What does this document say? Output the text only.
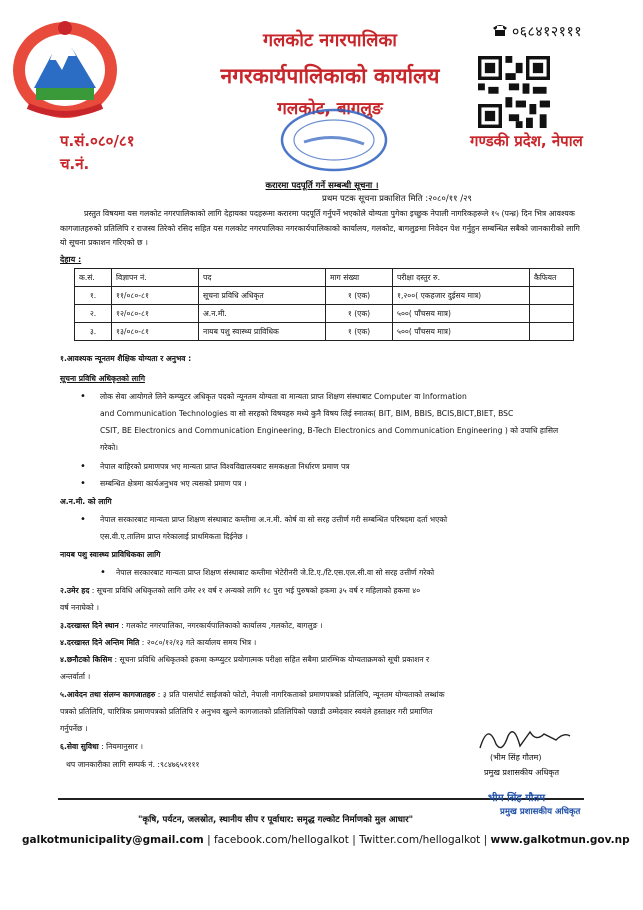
०६८४१२१११
गलकोट नगरपालिका
नगरकार्यपालिकाको कार्यालय
गलकोट, बागलुङ
प.सं.०८०/८१
च.नं.
गण्डकी प्रदेश, नेपाल
करारमा पदपूर्ति गर्ने सम्बन्धी सूचना ।
प्रथम पटक सूचना प्रकाशित मिति :२०८०/११ /२९
प्रस्तुत विषयमा यस गलकोट नगरपालिकाको लागि देहायका पदहरूमा करारमा पदपूर्ति गर्नुपर्ने भएकोले योग्यता पुगेका इच्छुक नेपाली नागरिकहरूले १५ (पन्ध्र) दिन भित्र आवश्यक कागजातहरुको प्रतिलिपि र राजस्व तिरेको रसिद सहित यस गलकोट नगरपालिका नगरकार्यपालिकाको कार्यालय, गलकोट, बागलुङमा निवेदन पेश गर्नुहुन सम्बन्धित सबैको जानकारीको लागि यो सूचना प्रकाशन गरिएको छ ।
देहाय :
क.सं.	विज्ञापन नं.	पद	माग संख्या	परीक्षा दस्तुर रु.	कैफियत
१.	११/०८०-८१	सूचना प्रविधि अधिकृत	१ (एक)	१,२००( एकहजार दुईसय मात्र)	
२.	१२/०८०-८१	अ.न.मी.	१ (एक)	५००( पाँचसय मात्र)	
३.	१३/०८०-८१	नायब पशु स्वास्थ्य प्राविधिक	१ (एक)	५००( पाँचसय मात्र)	
१.आवश्यक न्यूनतम शैक्षिक योग्यता र अनुभव :
सूचना प्रविधि अधिकृतको लागि
• लोक सेवा आयोगले लिने कम्प्युटर अधिकृत पदको न्यूनतम योग्यता वा मान्यता प्राप्त शिक्षण संस्थाबाट Computer वा Information
and Communication Technologies वा सो सरहको विषयहरु मध्ये कुनै विषय लिई स्नातक( BIT, BIM, BBIS, BCIS,BICT,BIET, BSC
CSIT, BE Electronics and Communication Engineering, B-Tech Electronics and Communication Engineering ) को उपाधि हासिल
गरेको।
• नेपाल बाहिरको प्रमाणपत्र भए मान्यता प्राप्त विश्वविद्यालयबाट समकक्षता निर्धारण प्रमाण पत्र
• सम्बन्धित क्षेत्रमा कार्यअनुभव भए त्यसको प्रमाण पत्र ।
अ.न.मी. को लागि
• नेपाल सरकारबाट मान्यता प्राप्त शिक्षण संस्थाबाट कम्तीमा अ.न.मी. कोर्ष वा सो सरह उत्तीर्ण गरी सम्बन्धित परिषदमा दर्ता भएको
एस.वी.ए.तालिम प्राप्त गरेकालाई प्राथमिकता दिईनेछ ।
नायब पशु स्वास्थ्य प्राविधिकका लागि
• नेपाल सरकारबाट मान्यता प्राप्त शिक्षण संस्थाबाट कम्तीमा भेटेरीनरी जे.टि.ए./टि.एस.एल.सी.वा सो सरह उत्तीर्ण गरेको
२.उमेर हद : सूचना प्रविधि अधिकृतको लागि उमेर २१ वर्ष र अन्यको लागि १८ पुरा भई पुरुषको हकमा ३५ वर्ष र महिलाको हकमा ४०
वर्ष ननाघेको ।
३.दरखास्त दिने स्थान : गलकोट नगरपालिका, नगरकार्यपालिकाको कार्यालय ,गलकोट, बागलुङ ।
४.दरखास्त दिने अन्तिम मिति : २०८०/१२/१३ गते कार्यालय समय भित्र ।
४.छनौटको किसिम : सूचना प्रविधि अधिकृतको हकमा कम्प्युटर प्रयोगात्मक परीक्षा सहित सबैमा प्रारम्भिक योग्यताक्रमको सूची प्रकाशन र
अन्तर्वार्ता ।
५.आवेदन तथा संलग्न कागजातहरु : ३ प्रति पासपोर्ट साईजको फोटो, नेपाली नागरिकताको प्रमाणपत्रको प्रतिलिपि, न्यूनतम योग्यताको लब्धांक
पत्रको प्रतिलिपि, चारित्रिक प्रमाणपत्रको प्रतिलिपि र अनुभव खुल्ने कागजातको प्रतिलिपिको पछाडी उम्मेदवार स्वयंले हस्ताक्षर गरी प्रमाणित
गर्नुपर्नेछ ।
६.सेवा सुविधा : नियमानुसार ।
थप जानकारीका लागि सम्पर्क नं. :९८४७६५११११
(भीम सिंह गौतम)
प्रमुख प्रशासकीय अधिकृत
भीम सिंह गौतम
प्रमुख प्रशासकीय अधिकृत
"कृषि, पर्यटन, जलस्रोत, स्थानीय सीप र पूर्वाधार: समृद्ध गल्कोट निर्माणको मुल आधार"
galkotmunicipality@gmail.com | facebook.com/hellogalkot | Twitter.com/hellogalkot | www.galkotmun.gov.np
